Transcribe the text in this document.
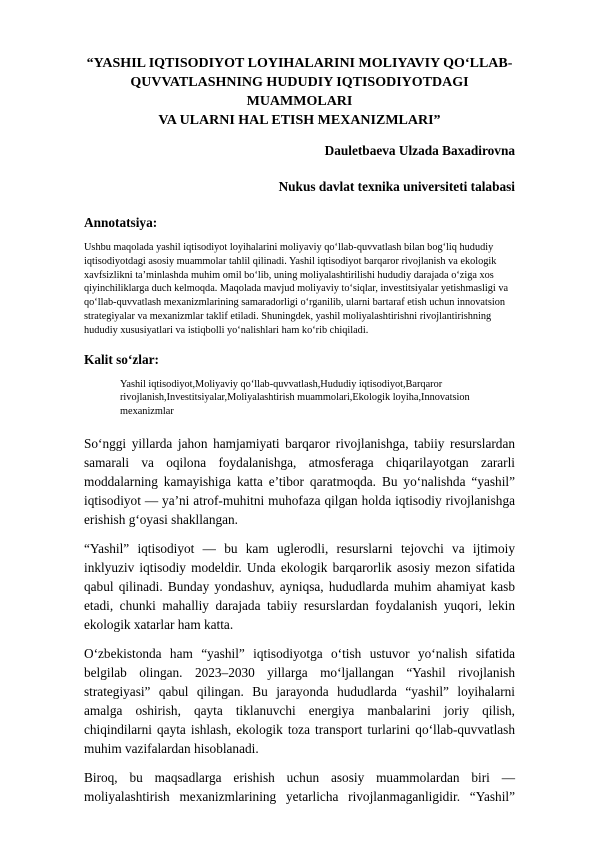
“YASHIL IQTISODIYOT LOYIHALARINI MOLIYAVIY QO‘LLAB-
QUVVATLASHNING HUDUDIY IQTISODIYOTDAGI MUAMMOLARI
VA ULARNI HAL ETISH MEXANIZMLARI”
Dauletbaeva Ulzada Baxadirovna
Nukus davlat texnika universiteti talabasi
Annotatsiya:
Ushbu maqolada yashil iqtisodiyot loyihalarini moliyaviy qo‘llab-quvvatlash bilan bog‘liq hududiy iqtisodiyotdagi asosiy muammolar tahlil qilinadi. Yashil iqtisodiyot barqaror rivojlanish va ekologik xavfsizlikni ta’minlashda muhim omil bo‘lib, uning moliyalashtirilishi hududiy darajada o‘ziga xos qiyinchiliklarga duch kelmoqda. Maqolada mavjud moliyaviy to‘siqlar, investitsiyalar yetishmasligi va qo‘llab-quvvatlash mexanizmlarining samaradorligi o‘rganilib, ularni bartaraf etish uchun innovatsion strategiyalar va mexanizmlar taklif etiladi. Shuningdek, yashil moliyalashtirishni rivojlantirishning hududiy xususiyatlari va istiqbolli yo‘nalishlari ham ko‘rib chiqiladi.
Kalit so‘zlar:
Yashil iqtisodiyot,Moliyaviy qo‘llab-quvvatlash,Hududiy iqtisodiyot,Barqaror rivojlanish,Investitsiyalar,Moliyalashtirish muammolari,Ekologik loyiha,Innovatsion mexanizmlar

So‘nggi yillarda jahon hamjamiyati barqaror rivojlanishga, tabiiy resurslardan samarali va oqilona foydalanishga, atmosferaga chiqarilayotgan zararli moddalarning kamayishiga katta e’tibor qaratmoqda. Bu yo‘nalishda “yashil” iqtisodiyot — ya’ni atrof-muhitni muhofaza qilgan holda iqtisodiy rivojlanishga erishish g‘oyasi shakllangan.

“Yashil” iqtisodiyot — bu kam uglerodli, resurslarni tejovchi va ijtimoiy inklyuziv iqtisodiy modeldir. Unda ekologik barqarorlik asosiy mezon sifatida qabul qilinadi. Bunday yondashuv, ayniqsa, hududlarda muhim ahamiyat kasb etadi, chunki mahalliy darajada tabiiy resurslardan foydalanish yuqori, lekin ekologik xatarlar ham katta.

O‘zbekistonda ham “yashil” iqtisodiyotga o‘tish ustuvor yo‘nalish sifatida belgilab olingan. 2023–2030 yillarga mo‘ljallangan “Yashil rivojlanish strategiyasi” qabul qilingan. Bu jarayonda hududlarda “yashil” loyihalarni amalga oshirish, qayta tiklanuvchi energiya manbalarini joriy qilish, chiqindilarni qayta ishlash, ekologik toza transport turlarini qo‘llab-quvvatlash muhim vazifalardan hisoblanadi.

Biroq, bu maqsadlarga erishish uchun asosiy muammolardan biri — moliyalashtirish mexanizmlarining yetarlicha rivojlanmaganligidir. “Yashil”
